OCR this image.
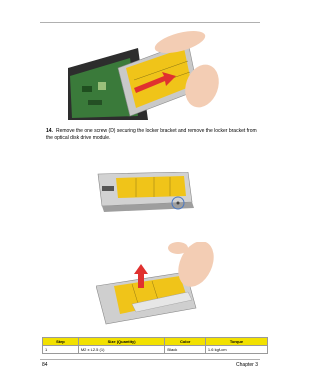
14. Remove the one screw (D) securing the locker bracket and remove the locker bracket from the optical disk drive module.
Step	Size (Quantity)	Color	Torque
1	M2 x L2.5 (1)	Black	1.6 kgf-cm
84	Chapter 3
